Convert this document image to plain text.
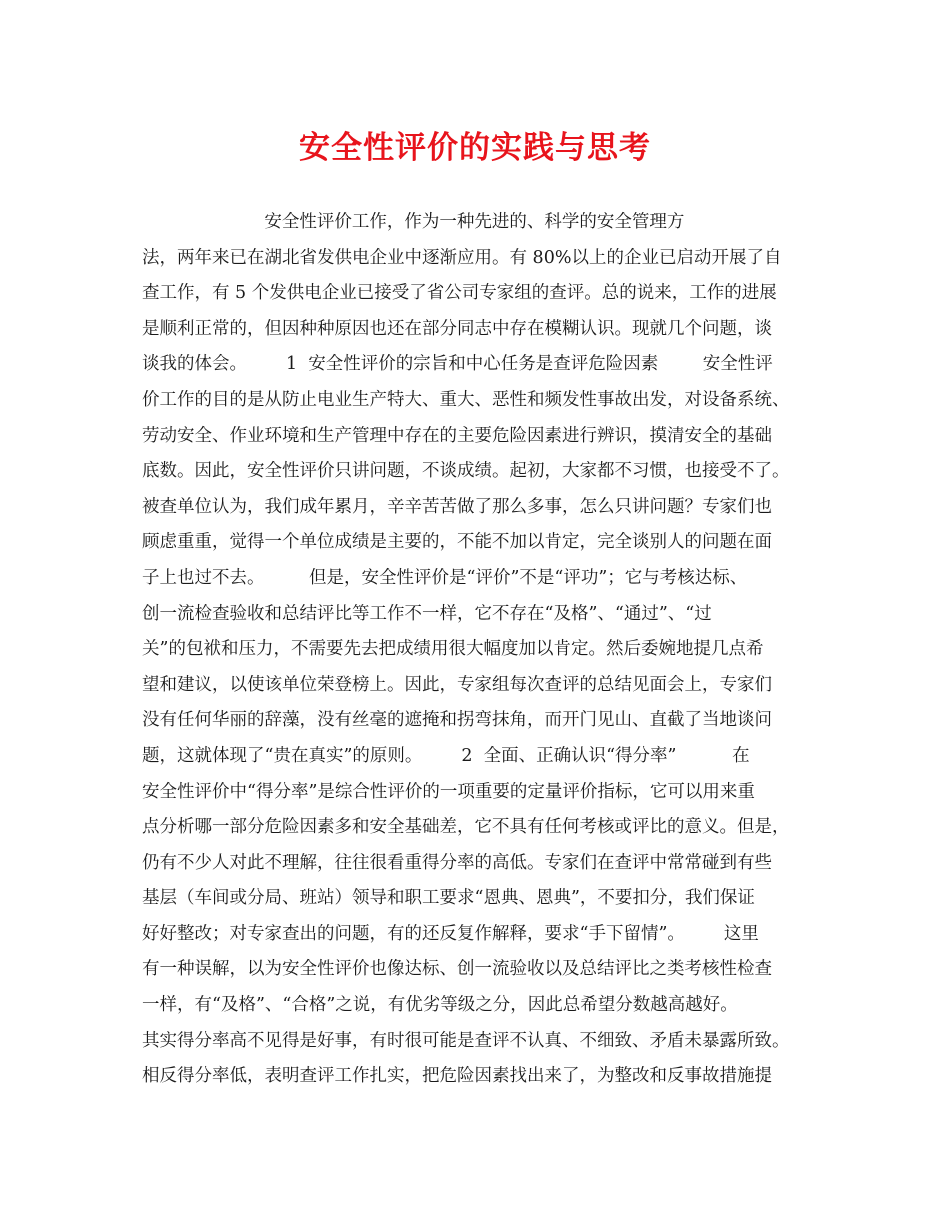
安全性评价的实践与思考
安全性评价工作，作为一种先进的、科学的安全管理方
法，两年来已在湖北省发供电企业中逐渐应用。有 80%以上的企业已启动开展了自
查工作，有 5 个发供电企业已接受了省公司专家组的查评。总的说来，工作的进展
是顺利正常的，但因种种原因也还在部分同志中存在模糊认识。现就几个问题，谈
谈我的体会。       1  安全性评价的宗旨和中心任务是查评危险因素        安全性评
价工作的目的是从防止电业生产特大、重大、恶性和频发性事故出发，对设备系统、
劳动安全、作业环境和生产管理中存在的主要危险因素进行辨识，摸清安全的基础
底数。因此，安全性评价只讲问题，不谈成绩。起初，大家都不习惯，也接受不了。
被查单位认为，我们成年累月，辛辛苦苦做了那么多事，怎么只讲问题？专家们也
顾虑重重，觉得一个单位成绩是主要的，不能不加以肯定，完全谈别人的问题在面
子上也过不去。        但是，安全性评价是“评价”不是“评功”；它与考核达标、
创一流检查验收和总结评比等工作不一样，它不存在“及格”、“通过”、“过
关”的包袱和压力，不需要先去把成绩用很大幅度加以肯定。然后委婉地提几点希
望和建议，以使该单位荣登榜上。因此，专家组每次查评的总结见面会上，专家们
没有任何华丽的辞藻，没有丝毫的遮掩和拐弯抹角，而开门见山、直截了当地谈问
题，这就体现了“贵在真实”的原则。       2  全面、正确认识“得分率”          在
安全性评价中“得分率”是综合性评价的一项重要的定量评价指标，它可以用来重
点分析哪一部分危险因素多和安全基础差，它不具有任何考核或评比的意义。但是，
仍有不少人对此不理解，往往很看重得分率的高低。专家们在查评中常常碰到有些
基层（车间或分局、班站）领导和职工要求“恩典、恩典”，不要扣分，我们保证
好好整改；对专家查出的问题，有的还反复作解释，要求“手下留情”。       这里
有一种误解，以为安全性评价也像达标、创一流验收以及总结评比之类考核性检查
一样，有“及格”、“合格”之说，有优劣等级之分，因此总希望分数越高越好。
其实得分率高不见得是好事，有时很可能是查评不认真、不细致、矛盾未暴露所致。
相反得分率低，表明查评工作扎实，把危险因素找出来了，为整改和反事故措施提
